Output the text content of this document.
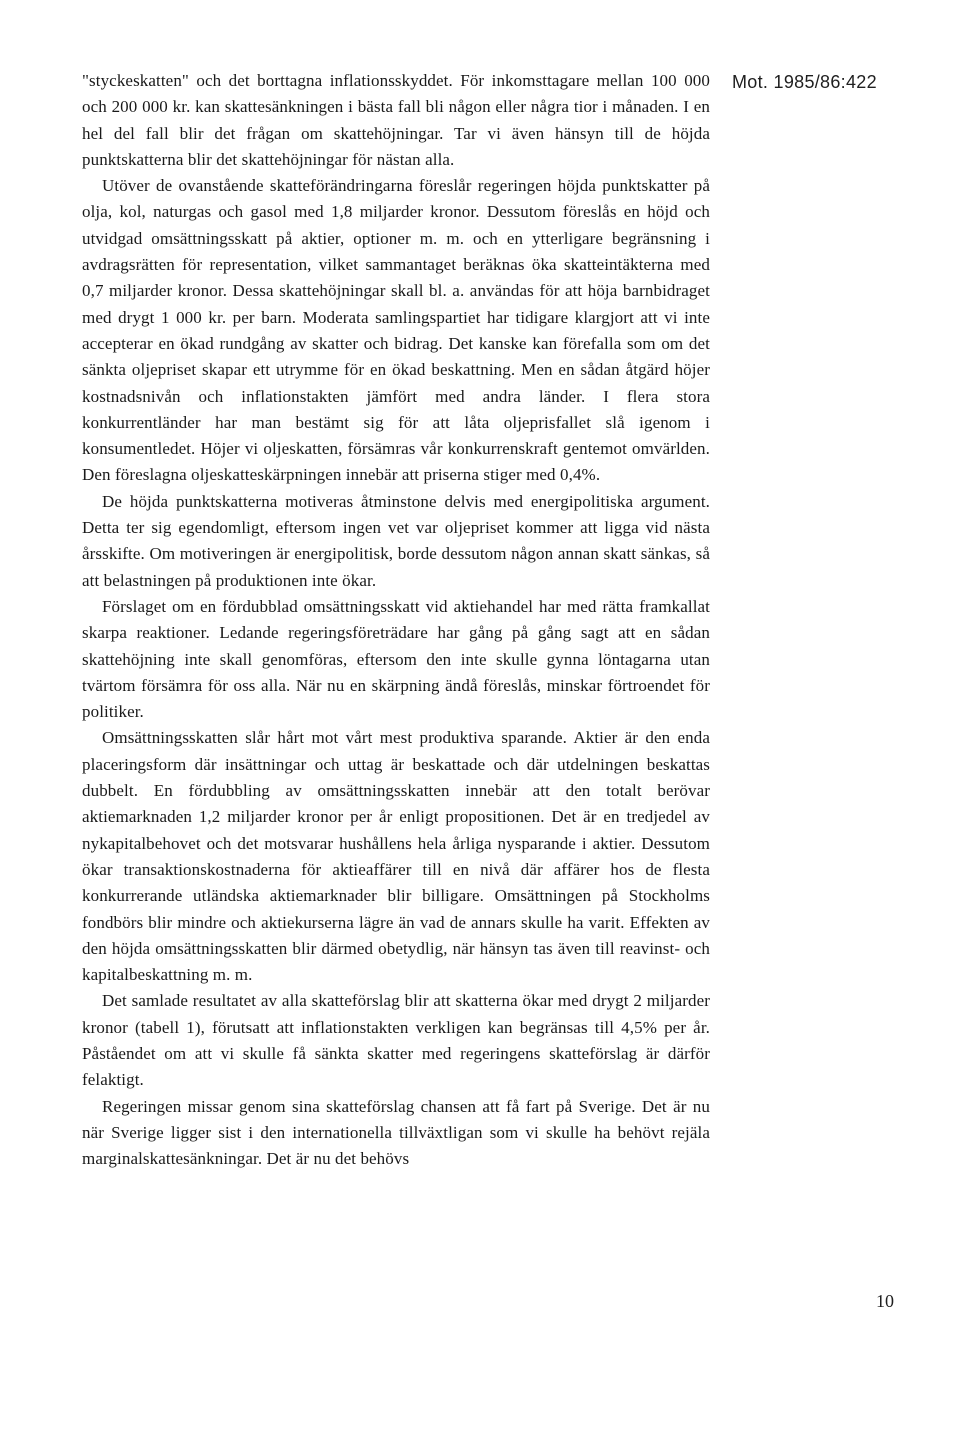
"styckeskatten" och det borttagna inflationsskyddet. För inkomsttagare mellan 100 000 och 200 000 kr. kan skattesänkningen i bästa fall bli någon eller några tior i månaden. I en hel del fall blir det frågan om skattehöjningar. Tar vi även hänsyn till de höjda punktskatterna blir det skattehöjningar för nästan alla.

Utöver de ovanstående skatteförändringarna föreslår regeringen höjda punktskatter på olja, kol, naturgas och gasol med 1,8 miljarder kronor. Dessutom föreslås en höjd och utvidgad omsättningsskatt på aktier, optioner m. m. och en ytterligare begränsning i avdragsrätten för representation, vilket sammantaget beräknas öka skatteintäkterna med 0,7 miljarder kronor. Dessa skattehöjningar skall bl. a. användas för att höja barnbidraget med drygt 1 000 kr. per barn. Moderata samlingspartiet har tidigare klargjort att vi inte accepterar en ökad rundgång av skatter och bidrag. Det kanske kan förefalla som om det sänkta oljepriset skapar ett utrymme för en ökad beskattning. Men en sådan åtgärd höjer kostnadsnivån och inflationstakten jämfört med andra länder. I flera stora konkurrentländer har man bestämt sig för att låta oljeprisfallet slå igenom i konsumentledet. Höjer vi oljeskatten, försämras vår konkurrenskraft gentemot omvärlden. Den föreslagna oljeskatteskärpningen innebär att priserna stiger med 0,4%.

De höjda punktskatterna motiveras åtminstone delvis med energipolitiska argument. Detta ter sig egendomligt, eftersom ingen vet var oljepriset kommer att ligga vid nästa årsskifte. Om motiveringen är energipolitisk, borde dessutom någon annan skatt sänkas, så att belastningen på produktionen inte ökar.

Förslaget om en fördubblad omsättningsskatt vid aktiehandel har med rätta framkallat skarpa reaktioner. Ledande regeringsföreträdare har gång på gång sagt att en sådan skattehöjning inte skall genomföras, eftersom den inte skulle gynna löntagarna utan tvärtom försämra för oss alla. När nu en skärpning ändå föreslås, minskar förtroendet för politiker.

Omsättningsskatten slår hårt mot vårt mest produktiva sparande. Aktier är den enda placeringsform där insättningar och uttag är beskattade och där utdelningen beskattas dubbelt. En fördubbling av omsättningsskatten innebär att den totalt berövar aktiemarknaden 1,2 miljarder kronor per år enligt propositionen. Det är en tredjedel av nykapitalbehovet och det motsvarar hushållens hela årliga nysparande i aktier. Dessutom ökar transaktionskostnaderna för aktieaffärer till en nivå där affärer hos de flesta konkurrerande utländska aktiemarknader blir billigare. Omsättningen på Stockholms fondbörs blir mindre och aktiekurserna lägre än vad de annars skulle ha varit. Effekten av den höjda omsättningsskatten blir därmed obetydlig, när hänsyn tas även till reavinst- och kapitalbeskattning m. m.

Det samlade resultatet av alla skatteförslag blir att skatterna ökar med drygt 2 miljarder kronor (tabell 1), förutsatt att inflationstakten verkligen kan begränsas till 4,5% per år. Påståendet om att vi skulle få sänkta skatter med regeringens skatteförslag är därför felaktigt.

Regeringen missar genom sina skatteförslag chansen att få fart på Sverige. Det är nu när Sverige ligger sist i den internationella tillväxtligan som vi skulle ha behövt rejäla marginalskattesänkningar. Det är nu det behövs

Mot. 1985/86:422
10
